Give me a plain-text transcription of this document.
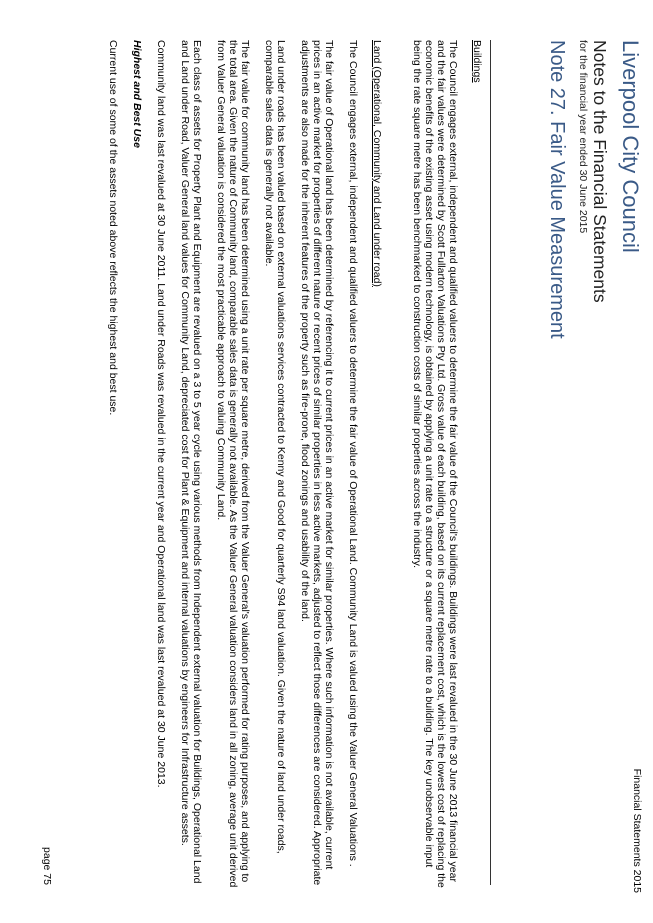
Financial Statements 2015
Liverpool City Council
Notes to the Financial Statements
for the financial year ended 30 June 2015
Note 27. Fair Value Measurement

Buildings

The Council engages external, independent and qualified valuers to determine the fair value of the Council's buildings. Buildings were last revalued in the 30 June 2013 financial year and the fair values were determined by Scott Fullarton Valuations Pty Ltd. Gross value of each building, based on its current replacement cost, which is the lowest cost of replacing the economic benefits of the existing asset using modern technology, is obtained by applying a unit rate to a structure or a square metre rate to a building. The key unobservable input being the rate square metre has been benchmarked to construction costs of similar properties across the industry.

Land (Operational, Community and Land under road)

The Council engages external, independent and qualified valuers to determine the fair value of Operational Land. Community Land is valued using the Valuer General Valuations .

The fair value of Operational land has been determined by referencing it to current prices in an active market for similar properties. Where such information is not available, current prices in an active market for properties of different nature or recent prices of similar properties in less active markets, adjusted to reflect those differences are considered. Appropriate adjustments are also made for the inherent features of the property such as fire-prone, flood zonings and usability of the land.

Land under roads has been valued based on external valuations services contracted to Kenny and Good for quarterly S94 land valuation. Given the nature of land under roads, comparable sales data is generally not available.

The fair value for community land has been determined using a unit rate per square metre, derived from the Valuer General's valuation performed for rating purposes, and applying to the total area. Given the nature of Community land, comparable sales data is generally not available. As the Valuer General valuation considers land in all zoning, average unit derived from Valuer General valuation is considered the most practicable approach to valuing Community Land.

Each class of assets for Property Plant and Equipment are revalued on a 3 to 5 year cycle using various methods from Independent external valuation for Buildings, Operational Land and Land under Road, Valuer General land values for Community Land, depreciated cost for Plant & Equipment and internal valuations by engineers for Infrastructure assets.

Community land was last revalued at 30 June 2011. Land under Roads was revalued in the current year and Operational land was last revalued at 30 June 2013.

Highest and Best Use

Current use of some of the assets noted above reflects the highest and best use.

page 75
